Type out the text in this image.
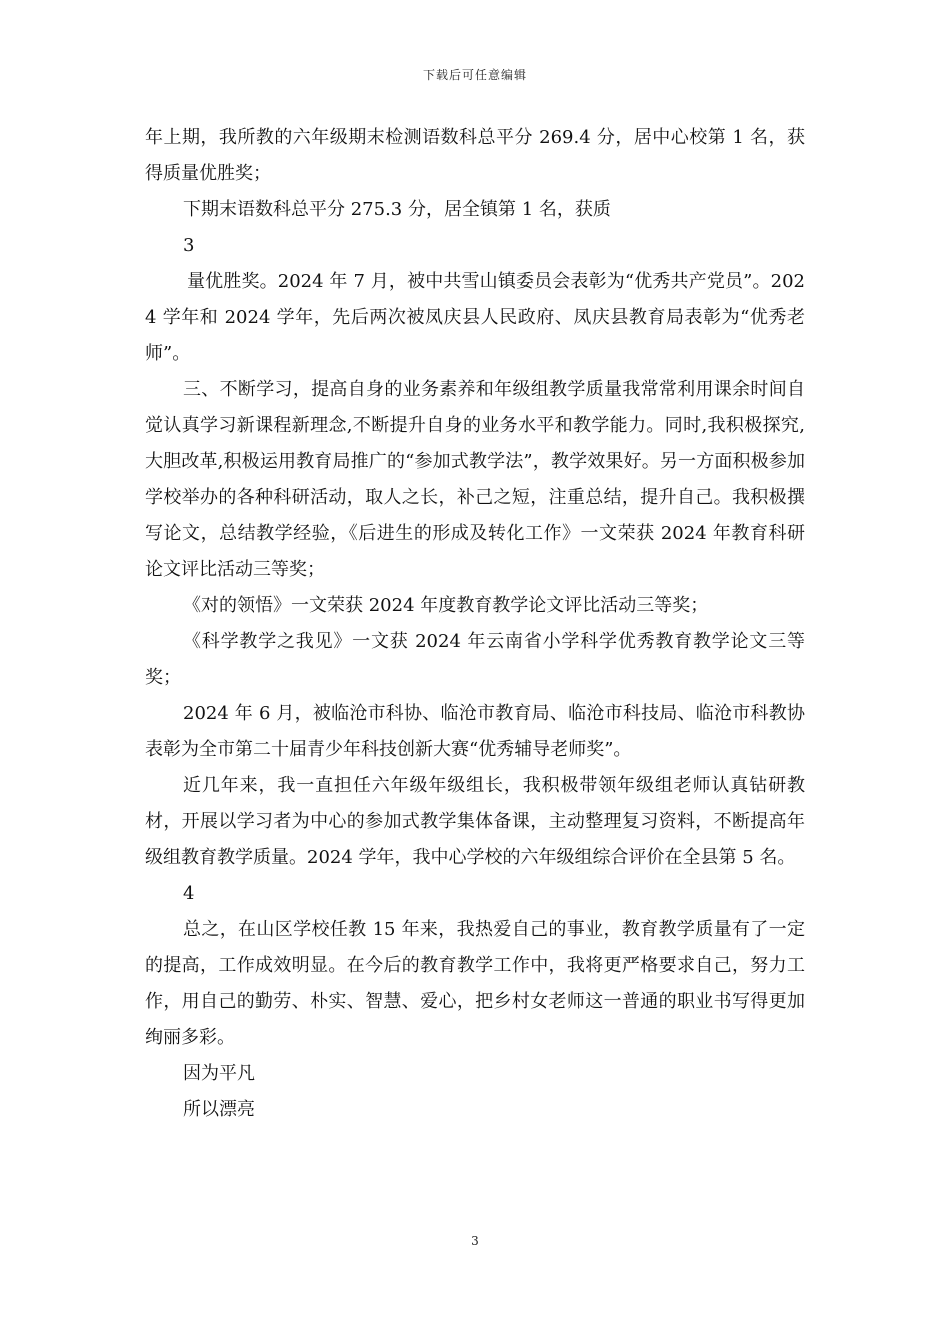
下载后可任意编辑

年上期，我所教的六年级期末检测语数科总平分 269.4 分，居中心校第 1 名，获得质量优胜奖；

下期末语数科总平分 275.3 分，居全镇第 1 名，获质

3

量优胜奖。2024 年 7 月，被中共雪山镇委员会表彰为“优秀共产党员”。2024 学年和 2024 学年，先后两次被凤庆县人民政府、凤庆县教育局表彰为“优秀老师”。

三、不断学习，提高自身的业务素养和年级组教学质量我常常利用课余时间自觉认真学习新课程新理念,不断提升自身的业务水平和教学能力。同时,我积极探究,大胆改革,积极运用教育局推广的“参加式教学法”，教学效果好。另一方面积极参加学校举办的各种科研活动，取人之长，补己之短，注重总结，提升自己。我积极撰写论文，总结教学经验，《后进生的形成及转化工作》一文荣获 2024 年教育科研论文评比活动三等奖；

《对的领悟》一文荣获 2024 年度教育教学论文评比活动三等奖；

《科学教学之我见》一文获 2024 年云南省小学科学优秀教育教学论文三等奖；

2024 年 6 月，被临沧市科协、临沧市教育局、临沧市科技局、临沧市科教协表彰为全市第二十届青少年科技创新大赛“优秀辅导老师奖”。

近几年来，我一直担任六年级年级组长，我积极带领年级组老师认真钻研教材，开展以学习者为中心的参加式教学集体备课，主动整理复习资料，不断提高年级组教育教学质量。2024 学年，我中心学校的六年级组综合评价在全县第 5 名。

4

总之，在山区学校任教 15 年来，我热爱自己的事业，教育教学质量有了一定的提高，工作成效明显。在今后的教育教学工作中，我将更严格要求自己，努力工作，用自己的勤劳、朴实、智慧、爱心，把乡村女老师这一普通的职业书写得更加绚丽多彩。

因为平凡

所以漂亮

3
